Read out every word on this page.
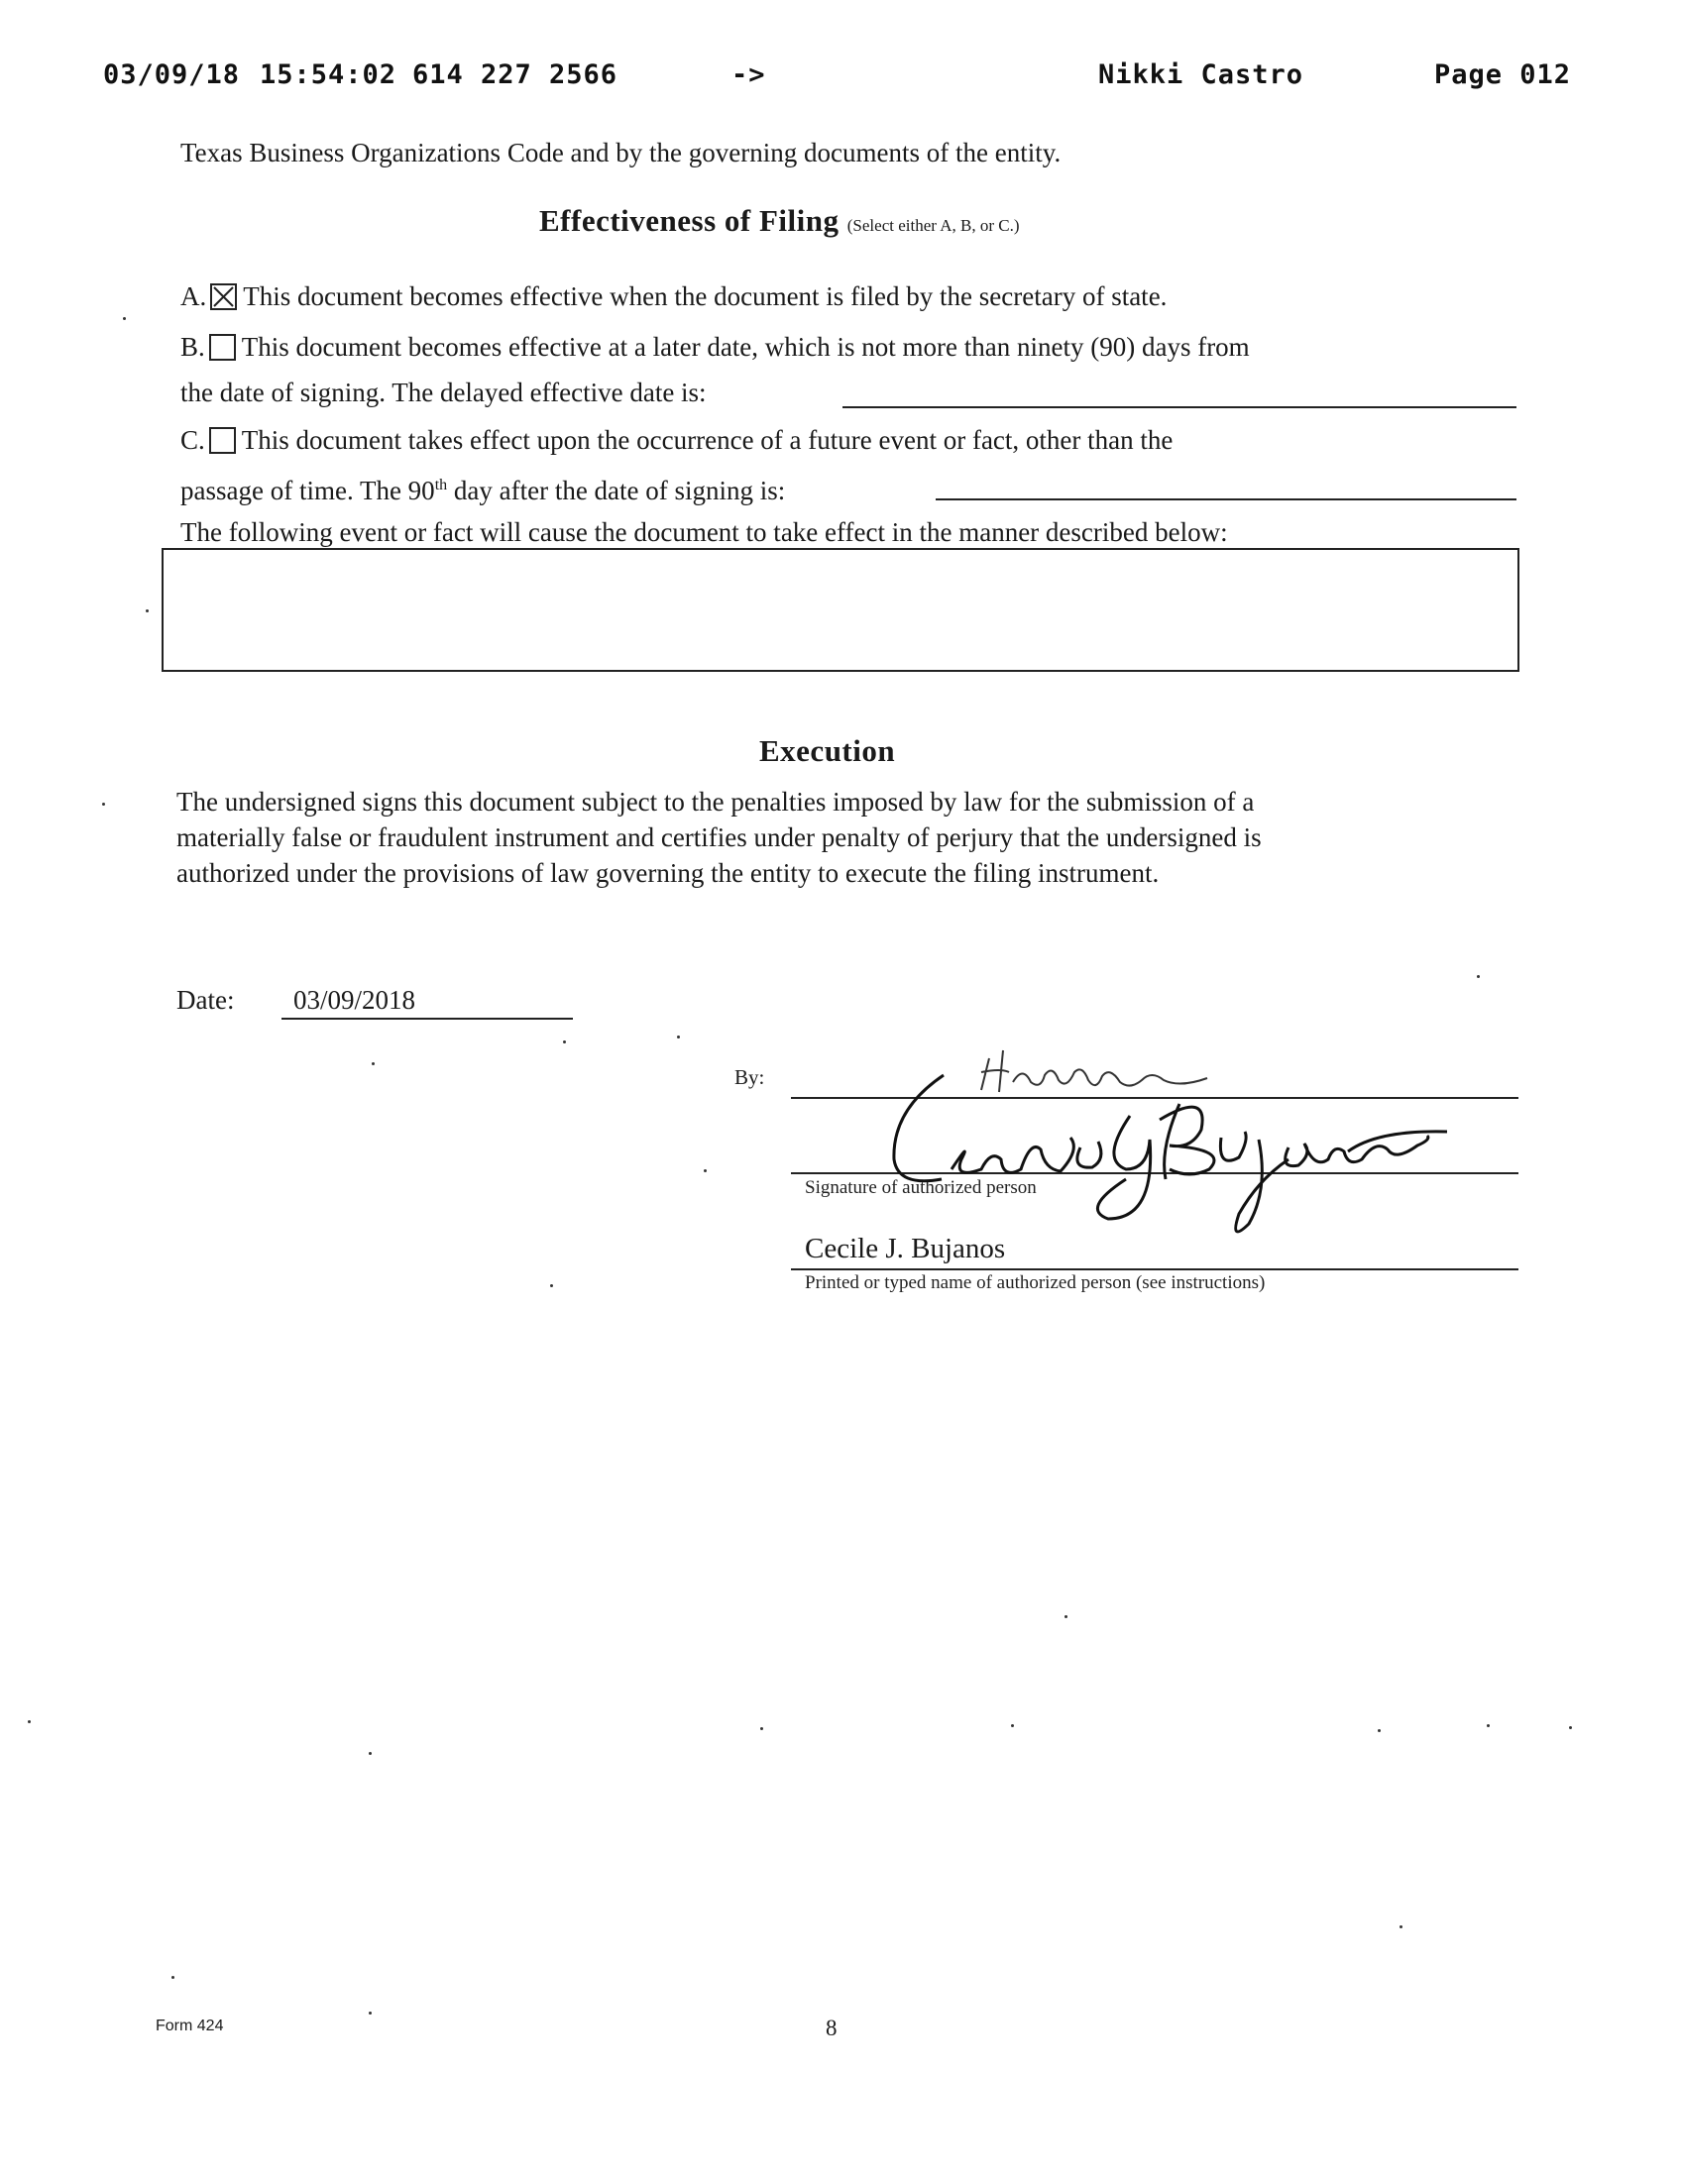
03/09/18 15:54:02 614 227 2566	->	Nikki Castro	Page 012
Texas Business Organizations Code and by the governing documents of the entity.
Effectiveness of Filing (Select either A, B, or C.)
A. This document becomes effective when the document is filed by the secretary of state.
B. This document becomes effective at a later date, which is not more than ninety (90) days from
the date of signing. The delayed effective date is:
C. This document takes effect upon the occurrence of a future event or fact, other than the
passage of time. The 90th day after the date of signing is:
The following event or fact will cause the document to take effect in the manner described below:
Execution
The undersigned signs this document subject to the penalties imposed by law for the submission of a
materially false or fraudulent instrument and certifies under penalty of perjury that the undersigned is
authorized under the provisions of law governing the entity to execute the filing instrument.
Date: 03/09/2018
By:
Signature of authorized person
Cecile J. Bujanos
Printed or typed name of authorized person (see instructions)
Form 424	8
